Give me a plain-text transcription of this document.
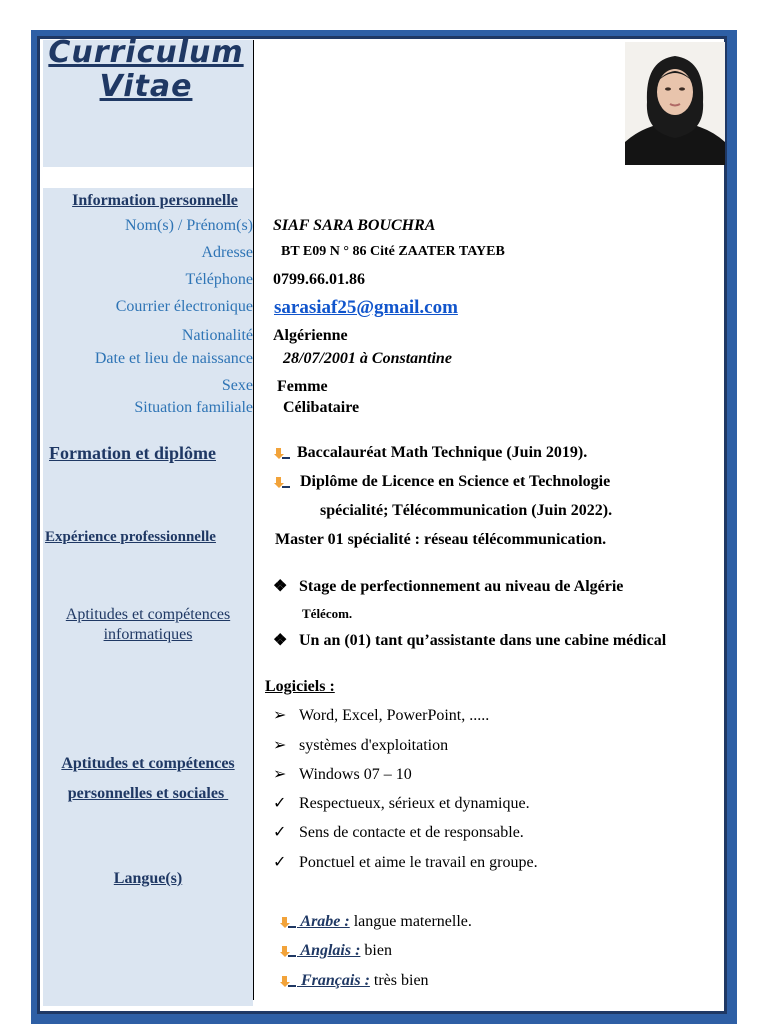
Curriculum
Vitae
Information personnelle
Nom(s) / Prénom(s)
Adresse
Téléphone
Courrier électronique
Nationalité
Date et lieu de naissance
Sexe
Situation familiale
Formation et diplôme
Expérience professionnelle
Aptitudes et compétences
informatiques
Aptitudes et compétences
personnelles et sociales
Langue(s)
SIAF SARA BOUCHRA
BT E09 N ° 86 Cité ZAATER TAYEB
0799.66.01.86
sarasiaf25@gmail.com
Algérienne
28/07/2001 à Constantine
Femme
Célibataire
Baccalauréat Math Technique (Juin 2019).
Diplôme de Licence en Science et Technologie
spécialité; Télécommunication (Juin 2022).
Master 01 spécialité : réseau télécommunication.
❖ Stage de perfectionnement au niveau de Algérie
Télécom.
❖ Un an (01) tant qu’assistante dans une cabine médical
Logiciels :
➢ Word, Excel, PowerPoint, .....
➢ systèmes d'exploitation
➢ Windows 07 – 10
✓ Respectueux, sérieux et dynamique.
✓ Sens de contacte et de responsable.
✓ Ponctuel et aime le travail en groupe.
Arabe : langue maternelle.
Anglais : bien
Français : très bien
